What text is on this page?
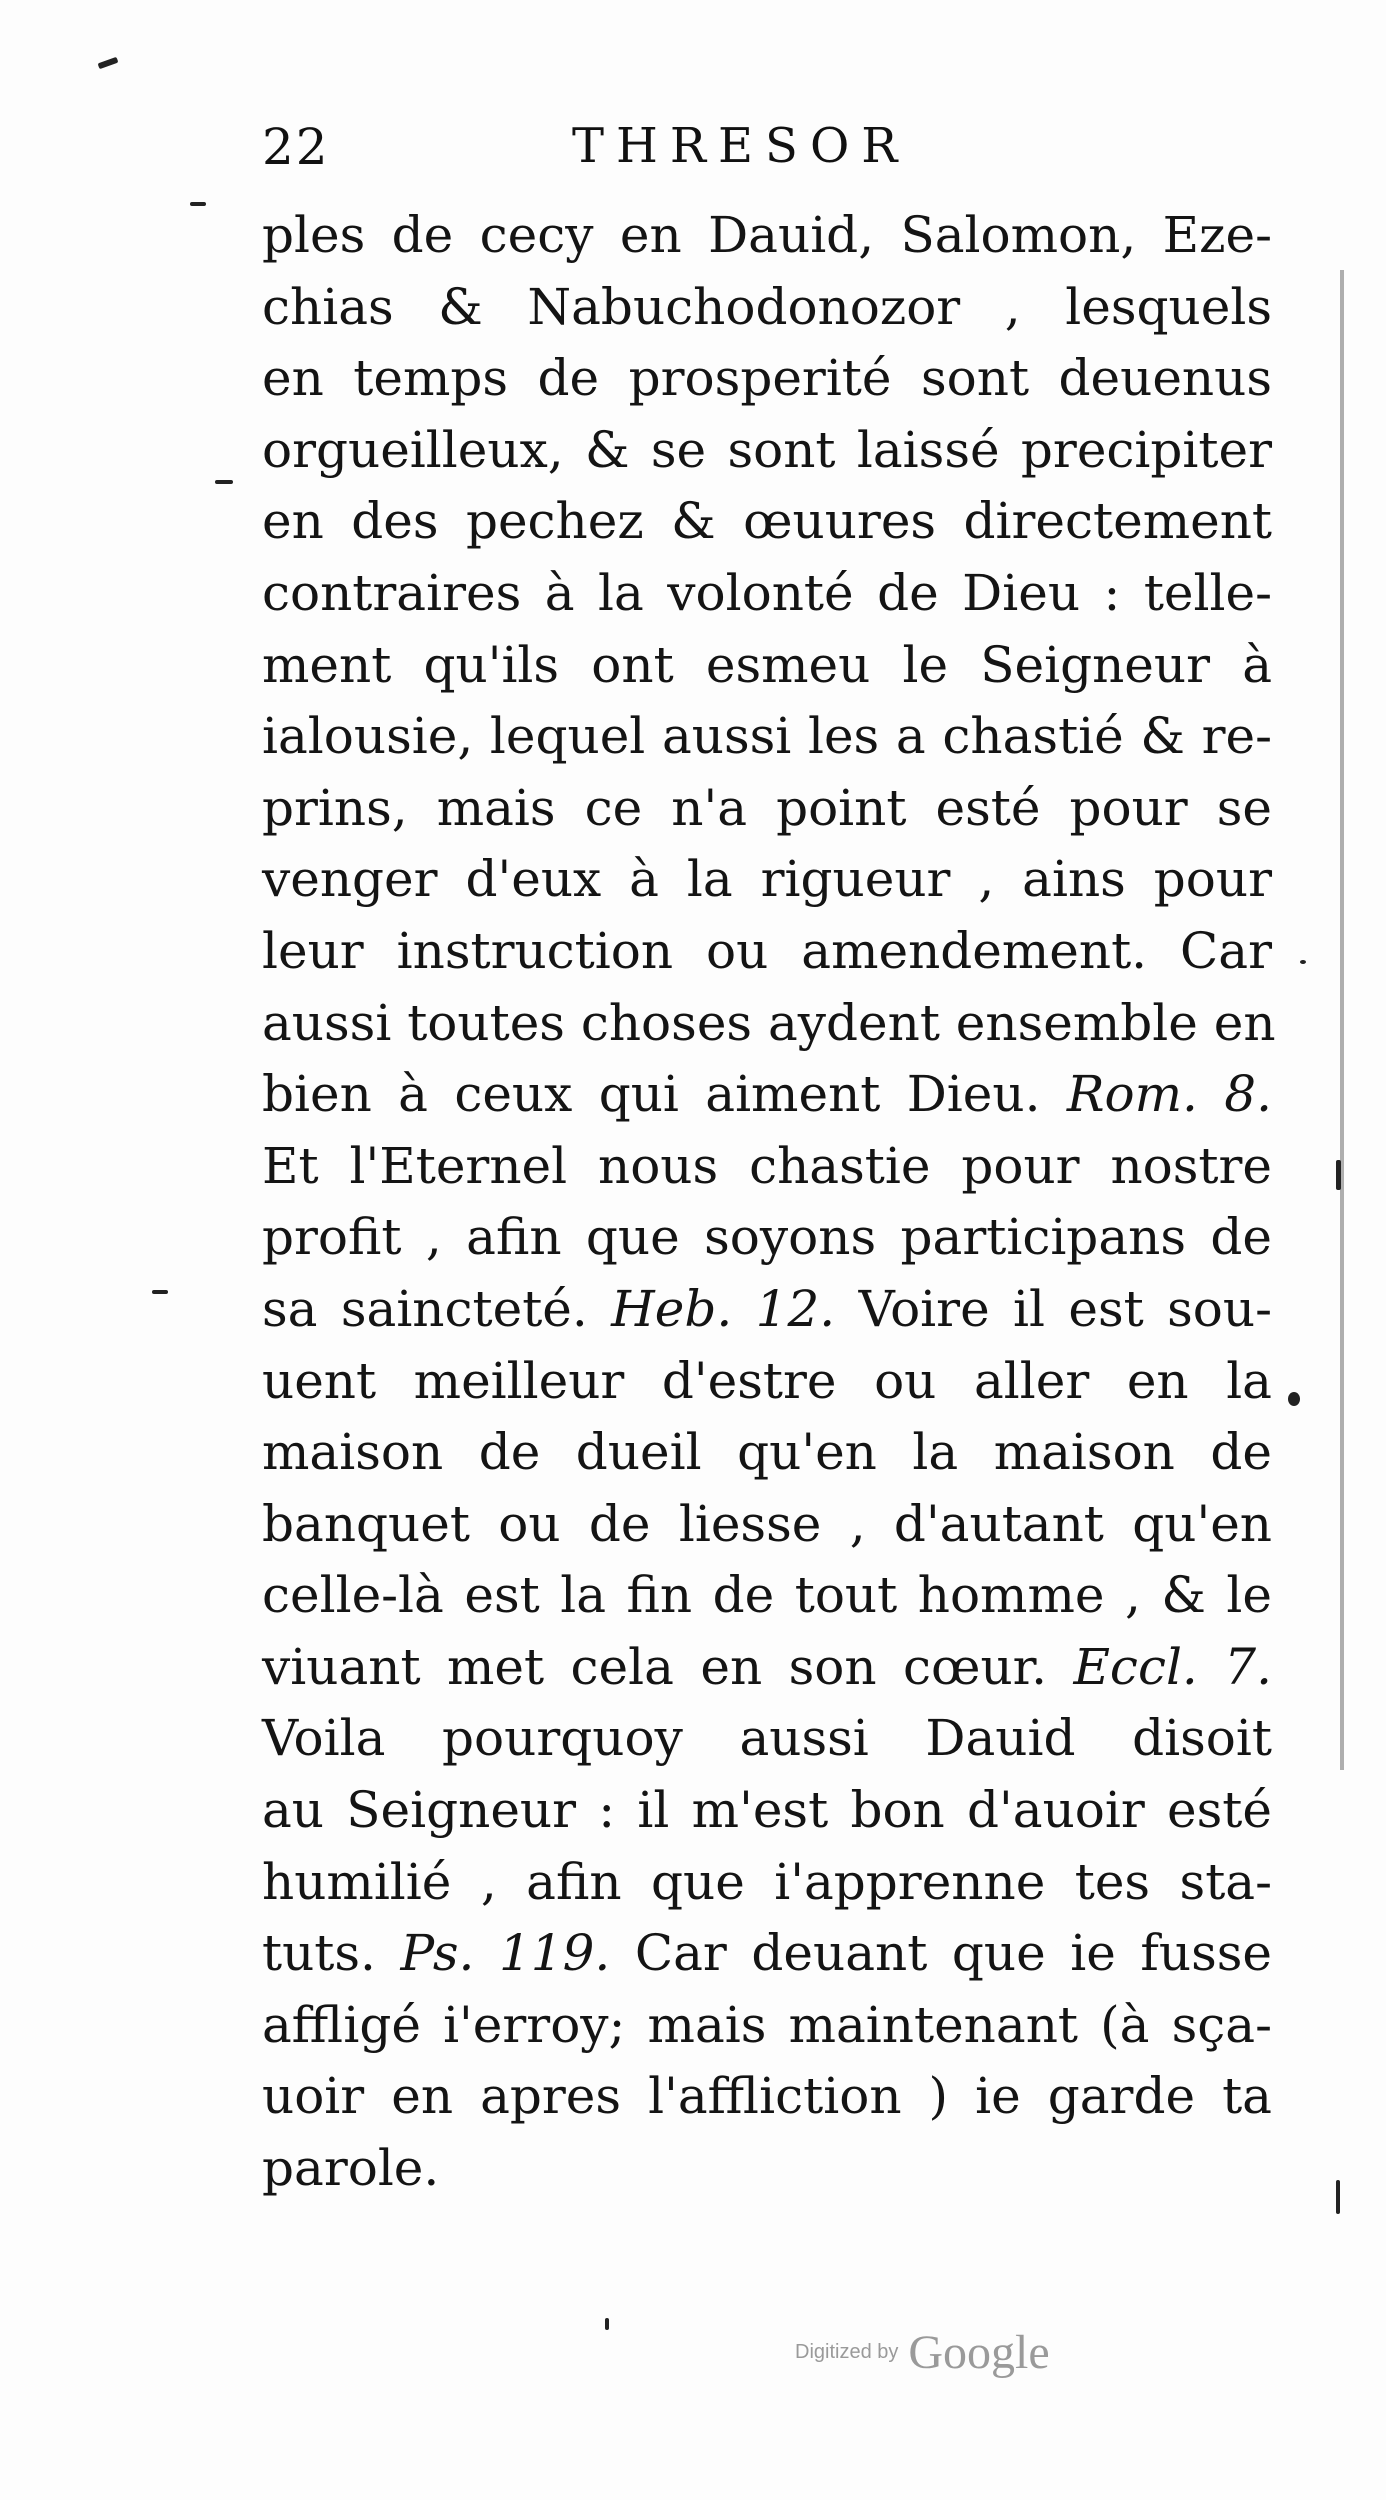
22	THRESOR
ples de cecy en Dauid, Salomon, Eze-
chias & Nabuchodonozor , lesquels
en temps de prosperité sont deuenus
orgueilleux, & se sont laissé precipiter
en des pechez & œuures directement
contraires à la volonté de Dieu : telle-
ment qu'ils ont esmeu le Seigneur à
ialousie, lequel aussi les a chastié & re-
prins, mais ce n'a point esté pour se
venger d'eux à la rigueur , ains pour
leur instruction ou amendement. Car
aussi toutes choses aydent ensemble en
bien à ceux qui aiment Dieu. Rom. 8.
Et l'Eternel nous chastie pour nostre
profit , afin que soyons participans de
sa saincteté. Heb. 12. Voire il est sou-
uent meilleur d'estre ou aller en la
maison de dueil qu'en la maison de
banquet ou de liesse , d'autant qu'en
celle-là est la fin de tout homme , & le
viuant met cela en son cœur. Eccl. 7.
Voila pourquoy aussi Dauid disoit
au Seigneur : il m'est bon d'auoir esté
humilié , afin que i'apprenne tes sta-
tuts. Ps. 119. Car deuant que ie fusse
affligé i'erroy; mais maintenant (à sça-
uoir en apres l'affliction ) ie garde ta
parole.
Digitized by Google
